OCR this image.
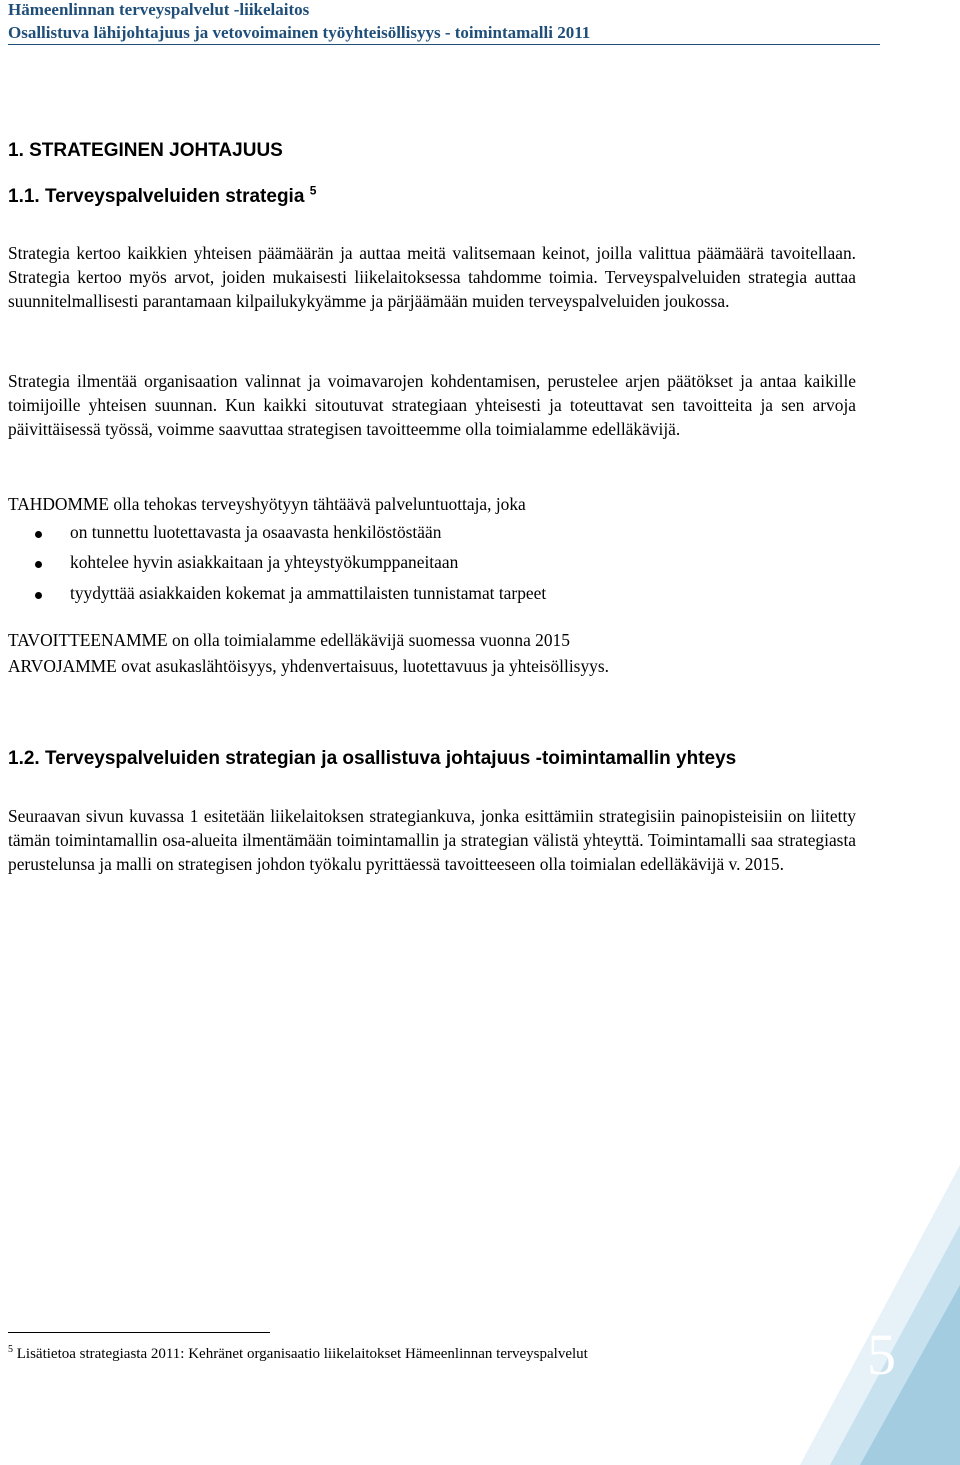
Hämeenlinnan terveyspalvelut -liikelaitos
Osallistuva lähijohtajuus ja vetovoimainen työyhteisöllisyys - toimintamalli 2011
1. STRATEGINEN JOHTAJUUS
1.1. Terveyspalveluiden strategia $^5$
Strategia kertoo kaikkien yhteisen päämäärän ja auttaa meitä valitsemaan keinot, joilla valittua päämäärä tavoitellaan. Strategia kertoo myös arvot, joiden mukaisesti liikelaitoksessa tahdomme toimia. Terveyspalveluiden strategia auttaa suunnitelmallisesti parantamaan kilpailukykyämme ja pärjäämään muiden terveyspalveluiden joukossa.
Strategia ilmentää organisaation valinnat ja voimavarojen kohdentamisen, perustelee arjen päätökset ja antaa kaikille toimijoille yhteisen suunnan. Kun kaikki sitoutuvat strategiaan yhteisesti ja toteuttavat sen tavoitteita ja sen arvoja päivittäisessä työssä, voimme saavuttaa strategisen tavoitteemme olla toimialamme edelläkävijä.
TAHDOMME olla tehokas terveyshyötyyn tähtäävä palveluntuottaja, joka
on tunnettu luotettavasta ja osaavasta henkilöstöstään
kohtelee hyvin asiakkaitaan ja yhteystyökumppaneitaan
tyydyttää asiakkaiden kokemat ja ammattilaisten tunnistamat tarpeet
TAVOITTEENAMME on olla toimialamme edelläkävijä suomessa vuonna 2015
ARVOJAMME ovat asukaslähtöisyys, yhdenvertaisuus, luotettavuus ja yhteisöllisyys.
1.2. Terveyspalveluiden strategian ja osallistuva johtajuus -toimintamallin yhteys
Seuraavan sivun kuvassa 1 esitetään liikelaitoksen strategiankuva, jonka esittämiin strategisiin painopisteisiin on liitetty tämän toimintamallin osa-alueita ilmentämään toimintamallin ja strategian välistä yhteyttä. Toimintamalli saa strategiasta perustelunsa ja malli on strategisen johdon työkalu pyrittäessä tavoitteeseen olla toimialan edelläkävijä v. 2015.
$^5$ Lisätietoa strategiasta 2011: Kehränet organisaatio liikelaitokset Hämeenlinnan terveyspalvelut	5
